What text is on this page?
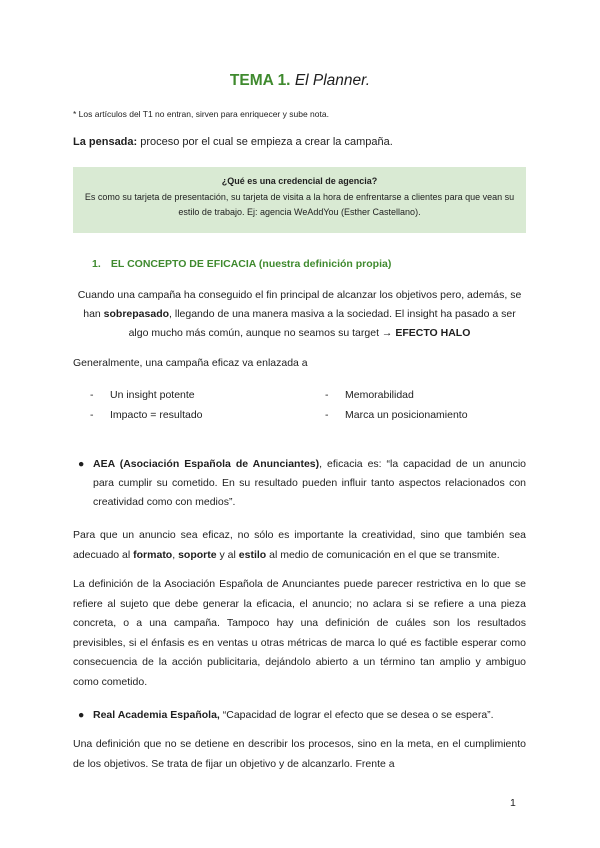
TEMA 1. El Planner.
* Los artículos del T1 no entran, sirven para enriquecer y sube nota.
La pensada: proceso por el cual se empieza a crear la campaña.
¿Qué es una credencial de agencia?
Es como su tarjeta de presentación, su tarjeta de visita a la hora de enfrentarse a clientes para que vean su estilo de trabajo. Ej: agencia WeAddYou (Esther Castellano).
1. EL CONCEPTO DE EFICACIA (nuestra definición propia)
Cuando una campaña ha conseguido el fin principal de alcanzar los objetivos pero, además, se han sobrepasado, llegando de una manera masiva a la sociedad. El insight ha pasado a ser algo mucho más común, aunque no seamos su target → EFECTO HALO
Generalmente, una campaña eficaz va enlazada a
- Un insight potente
- Impacto = resultado
- Memorabilidad
- Marca un posicionamiento
● AEA (Asociación Española de Anunciantes), eficacia es: “la capacidad de un anuncio para cumplir su cometido. En su resultado pueden influir tanto aspectos relacionados con creatividad como con medios”.
Para que un anuncio sea eficaz, no sólo es importante la creatividad, sino que también sea adecuado al formato, soporte y al estilo al medio de comunicación en el que se transmite.
La definición de la Asociación Española de Anunciantes puede parecer restrictiva en lo que se refiere al sujeto que debe generar la eficacia, el anuncio; no aclara si se refiere a una pieza concreta, o a una campaña. Tampoco hay una definición de cuáles son los resultados previsibles, si el énfasis es en ventas u otras métricas de marca lo qué es factible esperar como consecuencia de la acción publicitaria, dejándolo abierto a un término tan amplio y ambiguo como cometido.
● Real Academia Española, “Capacidad de lograr el efecto que se desea o se espera”.
Una definición que no se detiene en describir los procesos, sino en la meta, en el cumplimiento de los objetivos. Se trata de fijar un objetivo y de alcanzarlo. Frente a
1
